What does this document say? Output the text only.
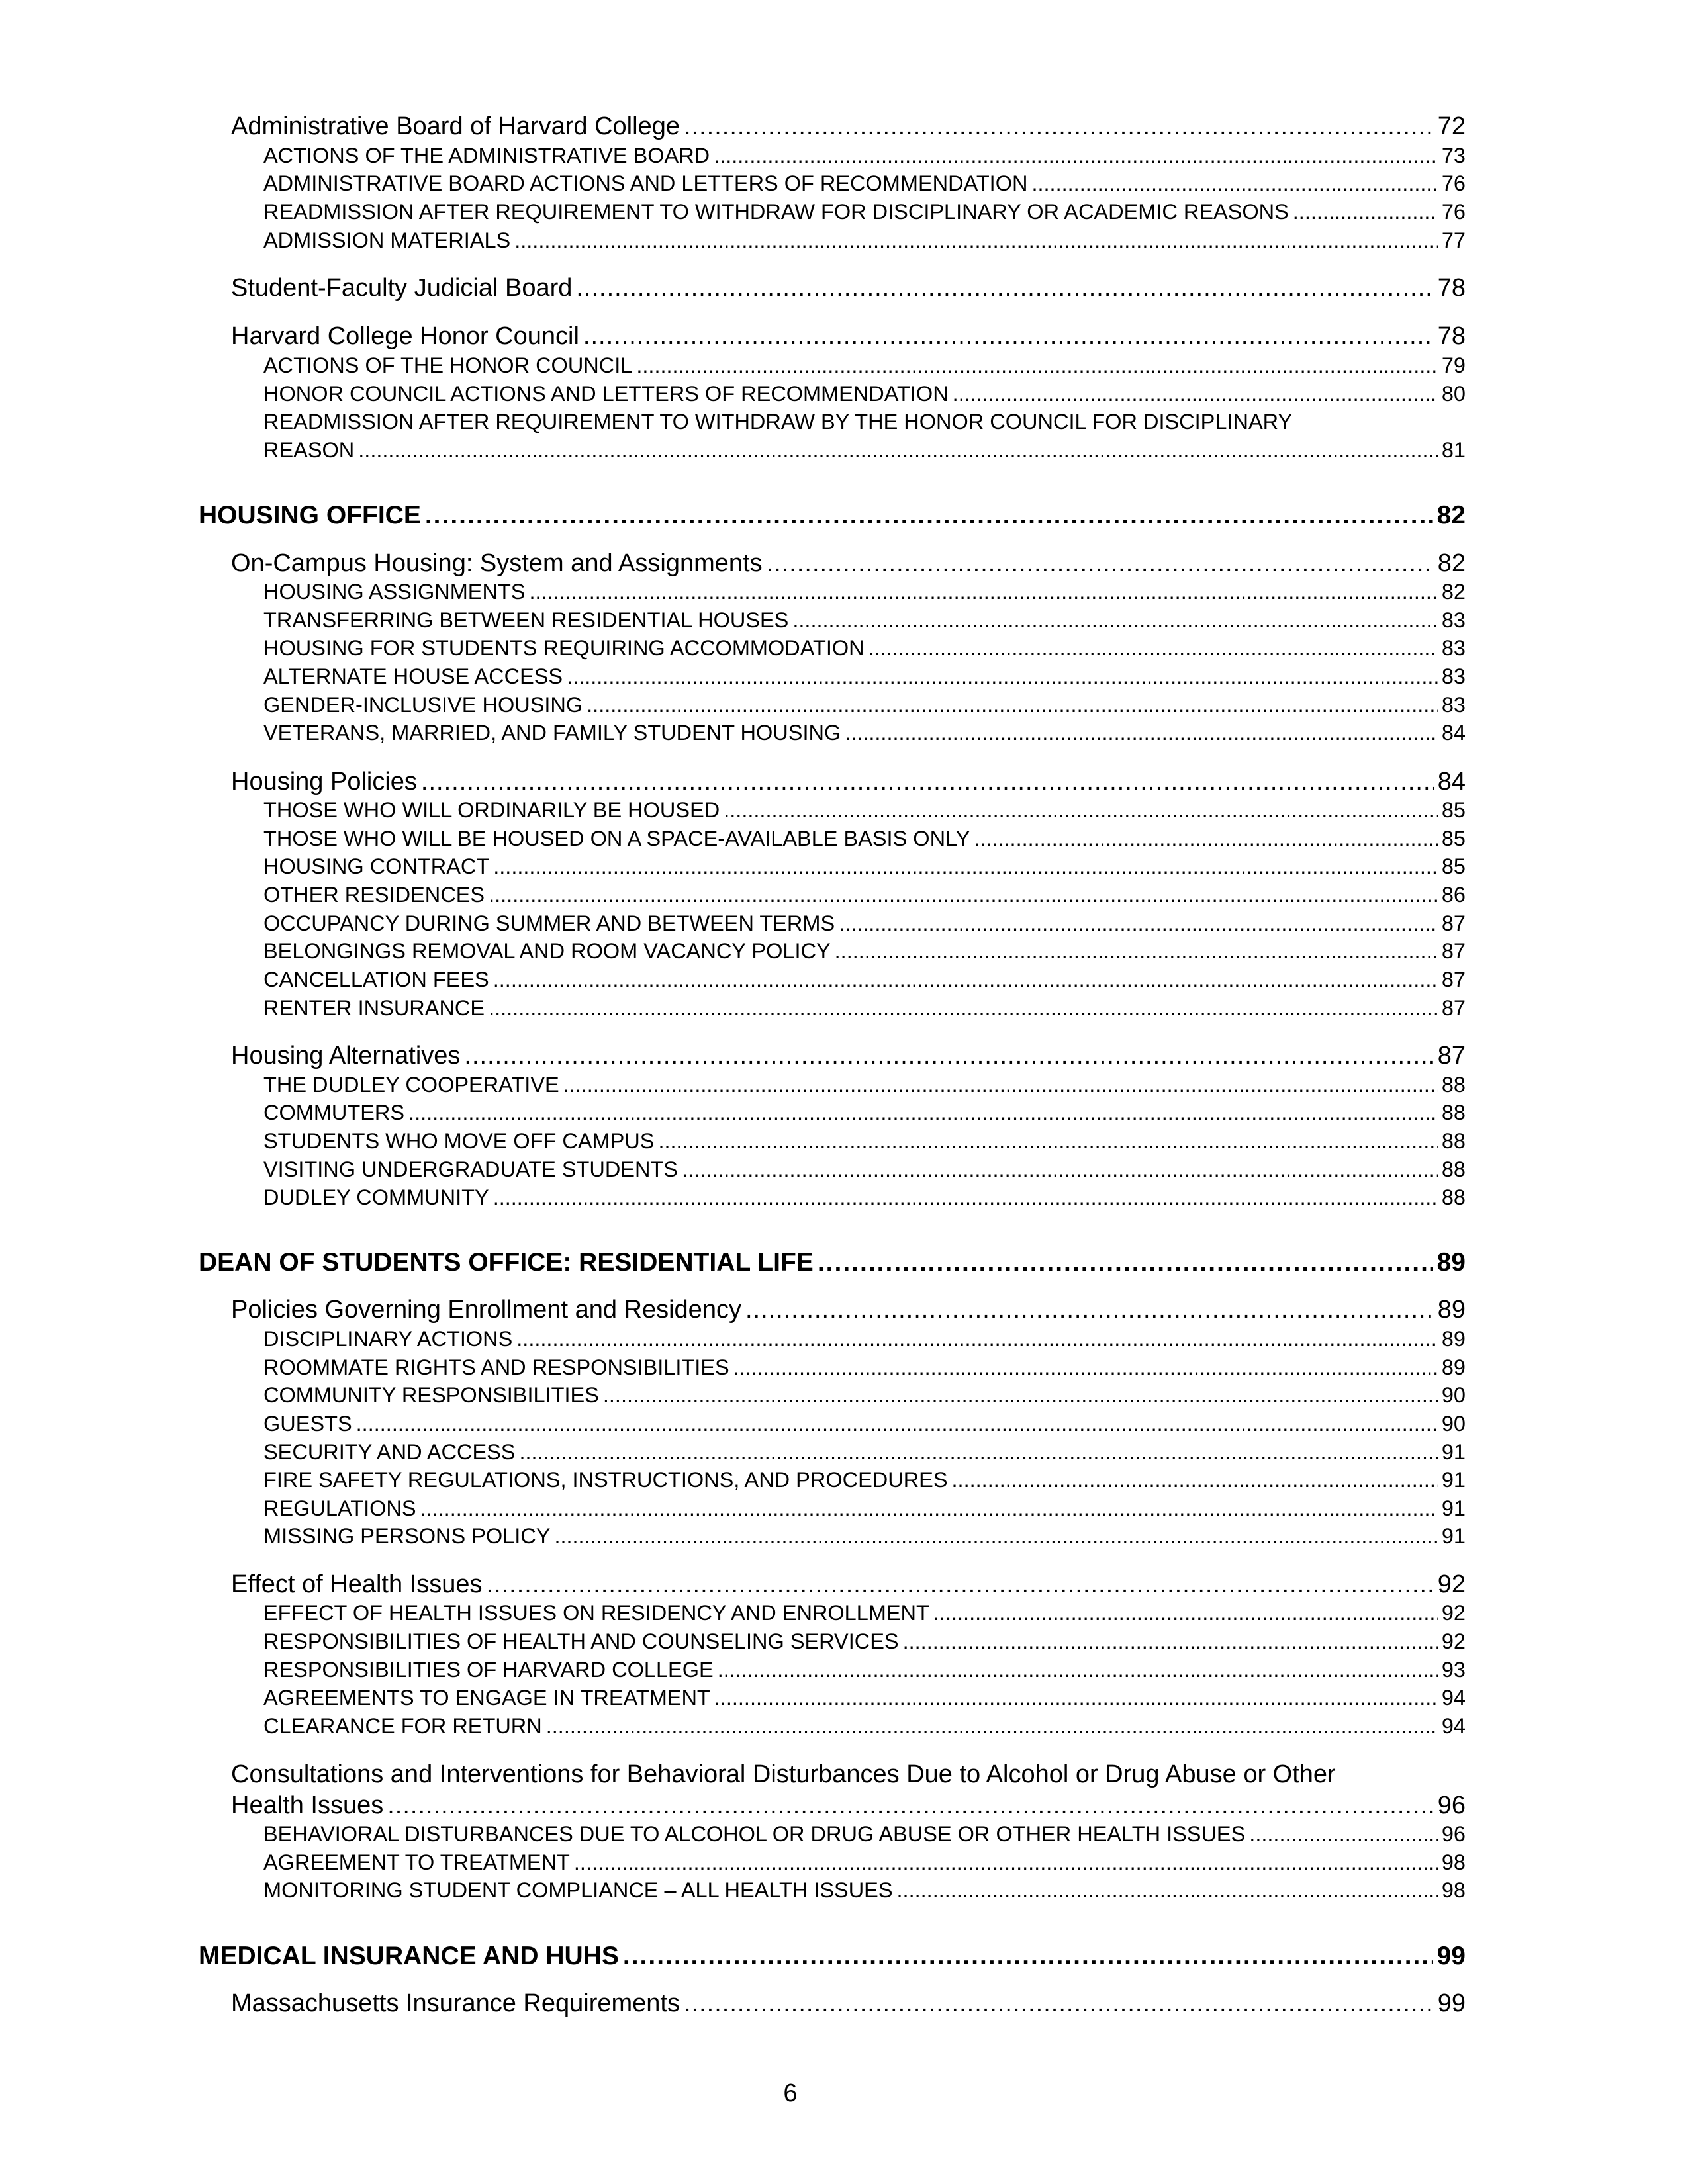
Administrative Board of Harvard College .....	72
ACTIONS OF THE ADMINISTRATIVE BOARD .....	73
ADMINISTRATIVE BOARD ACTIONS AND LETTERS OF RECOMMENDATION .....	76
READMISSION AFTER REQUIREMENT TO WITHDRAW FOR DISCIPLINARY OR ACADEMIC REASONS .....	76
ADMISSION MATERIALS .....	77
Student-Faculty Judicial Board .....	78
Harvard College Honor Council .....	78
ACTIONS OF THE HONOR COUNCIL .....	79
HONOR COUNCIL ACTIONS AND LETTERS OF RECOMMENDATION .....	80
READMISSION AFTER REQUIREMENT TO WITHDRAW BY THE HONOR COUNCIL FOR DISCIPLINARY
REASON .....	81
HOUSING OFFICE .....	82
On-Campus Housing: System and Assignments .....	82
HOUSING ASSIGNMENTS .....	82
TRANSFERRING BETWEEN RESIDENTIAL HOUSES .....	83
HOUSING FOR STUDENTS REQUIRING ACCOMMODATION .....	83
ALTERNATE HOUSE ACCESS .....	83
GENDER-INCLUSIVE HOUSING .....	83
VETERANS, MARRIED, AND FAMILY STUDENT HOUSING .....	84
Housing Policies .....	84
THOSE WHO WILL ORDINARILY BE HOUSED .....	85
THOSE WHO WILL BE HOUSED ON A SPACE-AVAILABLE BASIS ONLY .....	85
HOUSING CONTRACT .....	85
OTHER RESIDENCES .....	86
OCCUPANCY DURING SUMMER AND BETWEEN TERMS .....	87
BELONGINGS REMOVAL AND ROOM VACANCY POLICY .....	87
CANCELLATION FEES .....	87
RENTER INSURANCE .....	87
Housing Alternatives .....	87
THE DUDLEY COOPERATIVE .....	88
COMMUTERS .....	88
STUDENTS WHO MOVE OFF CAMPUS .....	88
VISITING UNDERGRADUATE STUDENTS .....	88
DUDLEY COMMUNITY .....	88
DEAN OF STUDENTS OFFICE: RESIDENTIAL LIFE .....	89
Policies Governing Enrollment and Residency .....	89
DISCIPLINARY ACTIONS .....	89
ROOMMATE RIGHTS AND RESPONSIBILITIES .....	89
COMMUNITY RESPONSIBILITIES .....	90
GUESTS .....	90
SECURITY AND ACCESS .....	91
FIRE SAFETY REGULATIONS, INSTRUCTIONS, AND PROCEDURES .....	91
REGULATIONS .....	91
MISSING PERSONS POLICY .....	91
Effect of Health Issues .....	92
EFFECT OF HEALTH ISSUES ON RESIDENCY AND ENROLLMENT .....	92
RESPONSIBILITIES OF HEALTH AND COUNSELING SERVICES .....	92
RESPONSIBILITIES OF HARVARD COLLEGE .....	93
AGREEMENTS TO ENGAGE IN TREATMENT .....	94
CLEARANCE FOR RETURN .....	94
Consultations and Interventions for Behavioral Disturbances Due to Alcohol or Drug Abuse or Other
Health Issues .....	96
BEHAVIORAL DISTURBANCES DUE TO ALCOHOL OR DRUG ABUSE OR OTHER HEALTH ISSUES .....	96
AGREEMENT TO TREATMENT .....	98
MONITORING STUDENT COMPLIANCE – ALL HEALTH ISSUES .....	98
MEDICAL INSURANCE AND HUHS .....	99
Massachusetts Insurance Requirements .....	99
6
